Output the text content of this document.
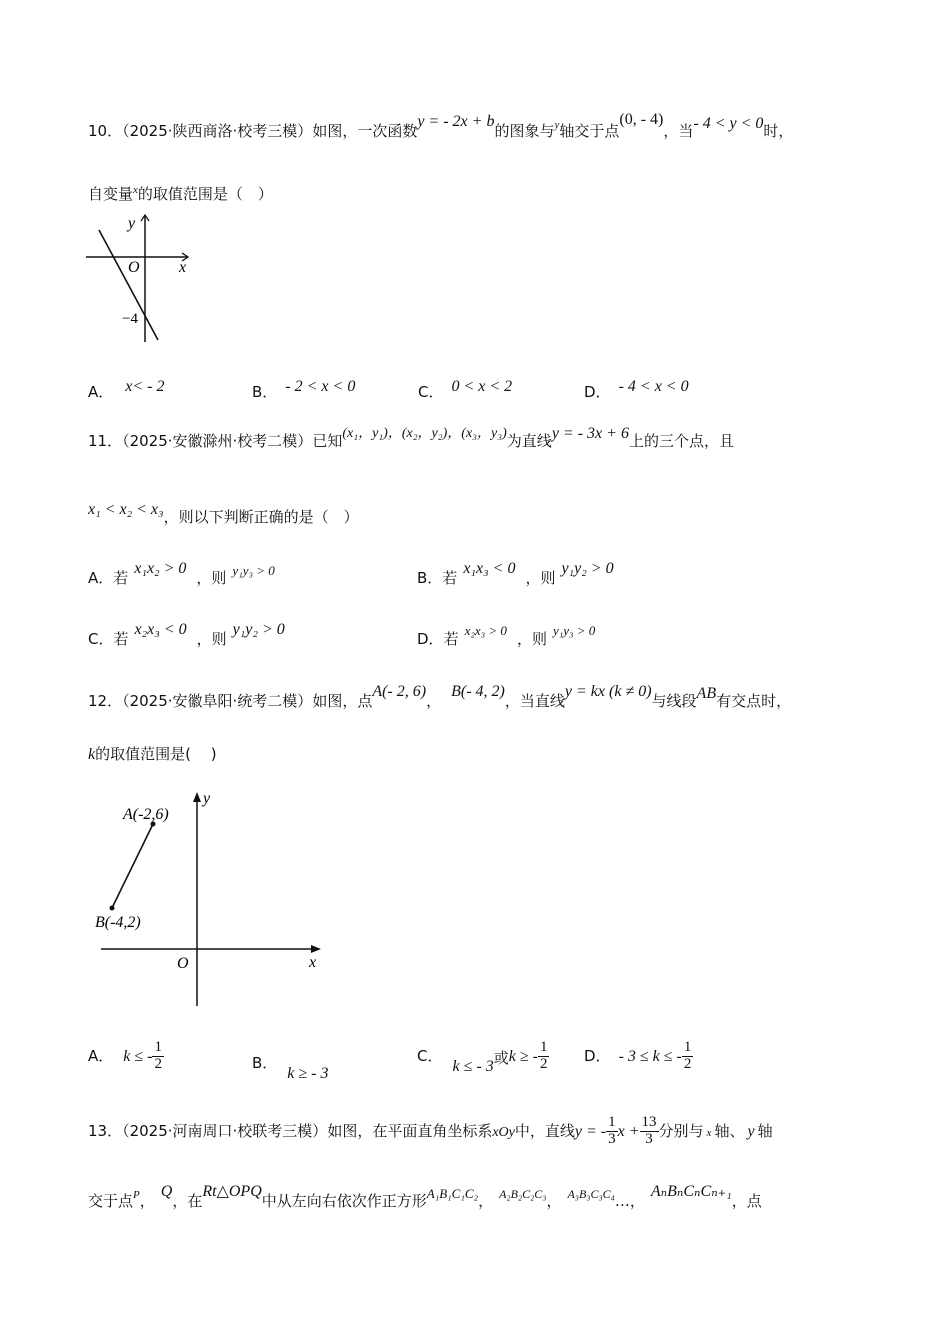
10．（2025·陕西商洛·校考三模）如图，一次函数y = - 2x + b的图象与$^y$轴交于点(0, - 4)，当- 4 < y < 0时，
自变量$^x$的取值范围是（　）
y
x
O
−4
A． x< - 2	B． - 2 < x < 0	C． 0 < x < 2	D． - 4 < x < 0
11．（2025·安徽滁州·校考二模）已知(x₁，y₁)，(x₂，y₂)，(x₃，y₃)为直线y = - 3x + 6上的三个点，且
x₁ < x₂ < x₃，则以下判断正确的是（　）
A．若x₁x₂ > 0，则 y₁y₃ > 0	B．若x₁x₃ < 0，则y₁y₂ > 0
C．若x₂x₃ < 0，则y₁y₂ > 0
D．若 x₂x₃ > 0 ，则 y₁y₃ > 0
12．（2025·安徽阜阳·统考二模）如图，点A(- 2, 6)，B(- 4, 2)，当直线y = kx (k ≠ 0)与线段AB有交点时，
k的取值范围是(　 )
y
x
O
A(-2,6)
B(-4,2)
A． k ≤ - $\frac{1}{2}$	B．k ≥ - 3
C．k ≤ - 3或k ≥ - $\frac{1}{2}$ D． - 3 ≤ k ≤ - $\frac{1}{2}$
13．（2025·河南周口·校联考三模）如图，在平面直角坐标系xOy中，直线y = - $\frac{1}{3}$ $x + \frac{13}{3}$ 分别与 x 轴、 y 轴
交于点$^P$，Q，在Rt△OPQ中从左向右依次作正方形A₁B₁C₁C₂， $^{A_2B_2C_2C_3}$， $^{A_3B_3C_3C_4}$…，AₙBₙCₙCₙ₊₁，点
